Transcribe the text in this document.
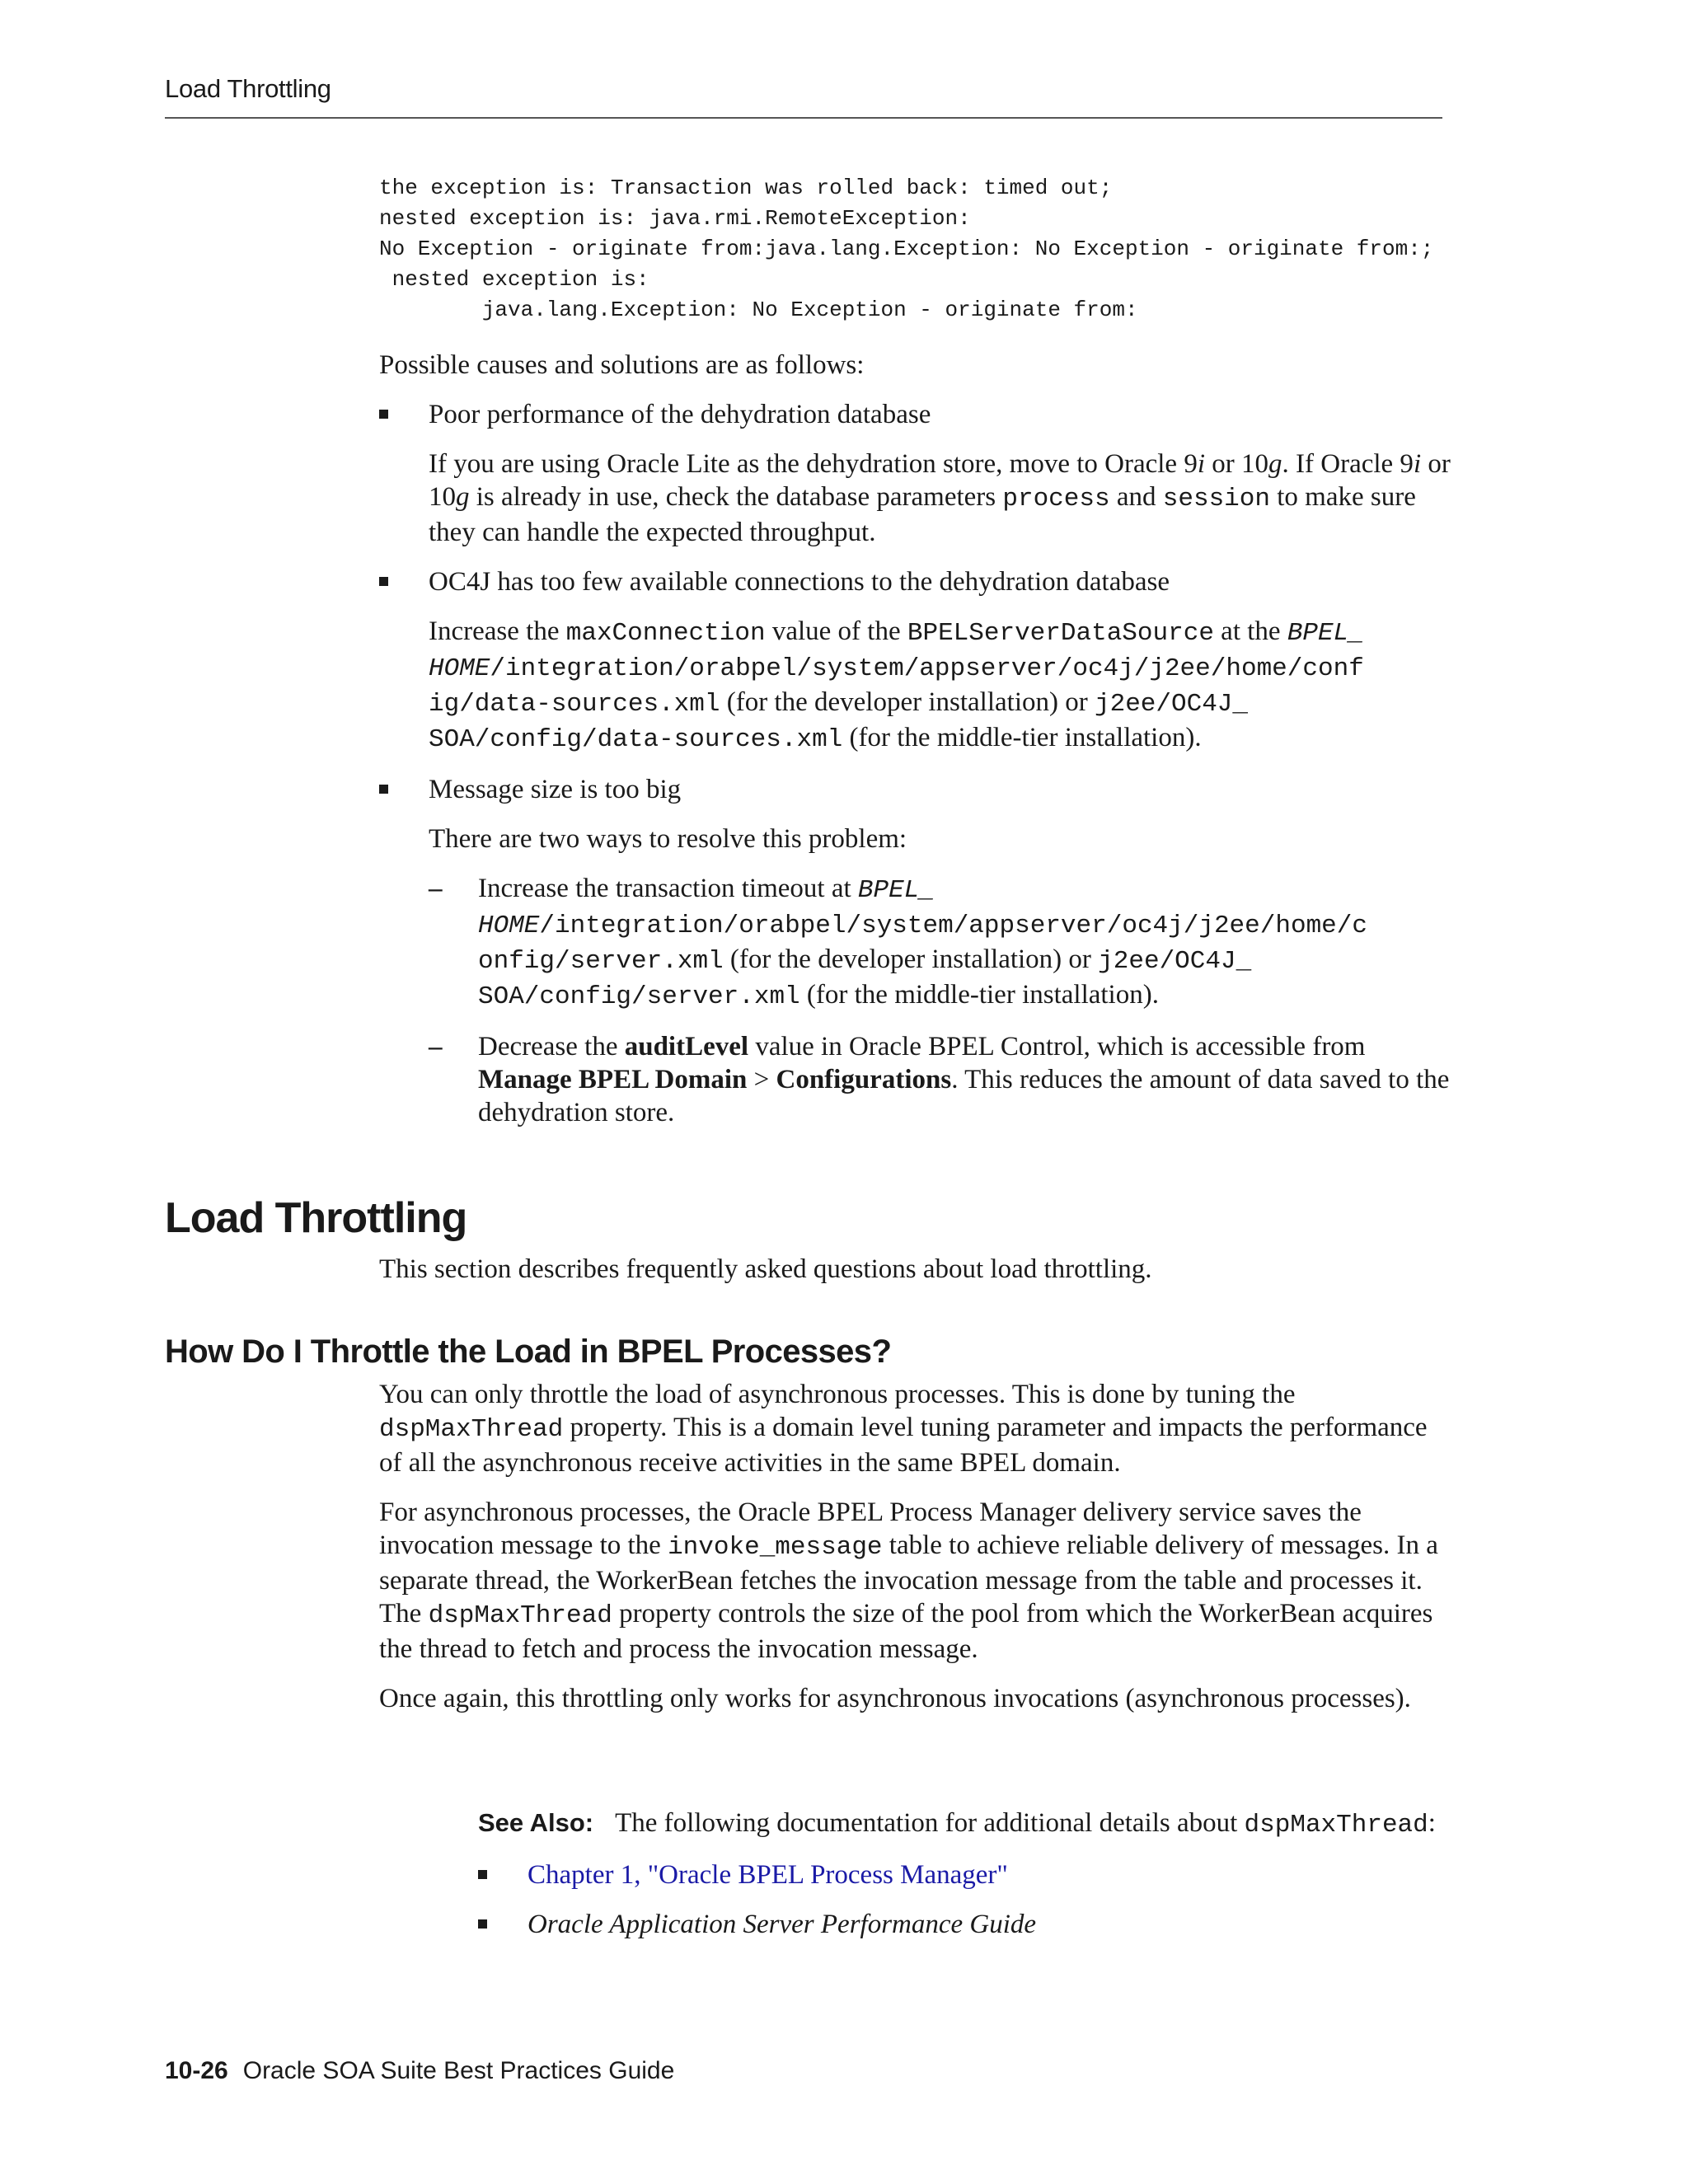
Load Throttling
the exception is: Transaction was rolled back: timed out;
nested exception is: java.rmi.RemoteException:
No Exception - originate from:java.lang.Exception: No Exception - originate from:;
nested exception is:
java.lang.Exception: No Exception - originate from:

Possible causes and solutions are as follows:

Poor performance of the dehydration database

If you are using Oracle Lite as the dehydration store, move to Oracle 9i or 10g. If Oracle 9i or 10g is already in use, check the database parameters process and session to make sure they can handle the expected throughput.

OC4J has too few available connections to the dehydration database

Increase the maxConnection value of the BPELServerDataSource at the BPEL_ HOME/integration/orabpel/system/appserver/oc4j/j2ee/home/conf ig/data-sources.xml (for the developer installation) or j2ee/OC4J_ SOA/config/data-sources.xml (for the middle-tier installation).

Message size is too big

There are two ways to resolve this problem:

– Increase the transaction timeout at BPEL_ HOME/integration/orabpel/system/appserver/oc4j/j2ee/home/c onfig/server.xml (for the developer installation) or j2ee/OC4J_ SOA/config/server.xml (for the middle-tier installation).

– Decrease the auditLevel value in Oracle BPEL Control, which is accessible from Manage BPEL Domain > Configurations. This reduces the amount of data saved to the dehydration store.

Load Throttling

This section describes frequently asked questions about load throttling.

How Do I Throttle the Load in BPEL Processes?

You can only throttle the load of asynchronous processes. This is done by tuning the dspMaxThread property. This is a domain level tuning parameter and impacts the performance of all the asynchronous receive activities in the same BPEL domain.

For asynchronous processes, the Oracle BPEL Process Manager delivery service saves the invocation message to the invoke_message table to achieve reliable delivery of messages. In a separate thread, the WorkerBean fetches the invocation message from the table and processes it. The dspMaxThread property controls the size of the pool from which the WorkerBean acquires the thread to fetch and process the invocation message.

Once again, this throttling only works for asynchronous invocations (asynchronous processes).

See Also: The following documentation for additional details about dspMaxThread:

Chapter 1, "Oracle BPEL Process Manager"

Oracle Application Server Performance Guide

10-26 Oracle SOA Suite Best Practices Guide
